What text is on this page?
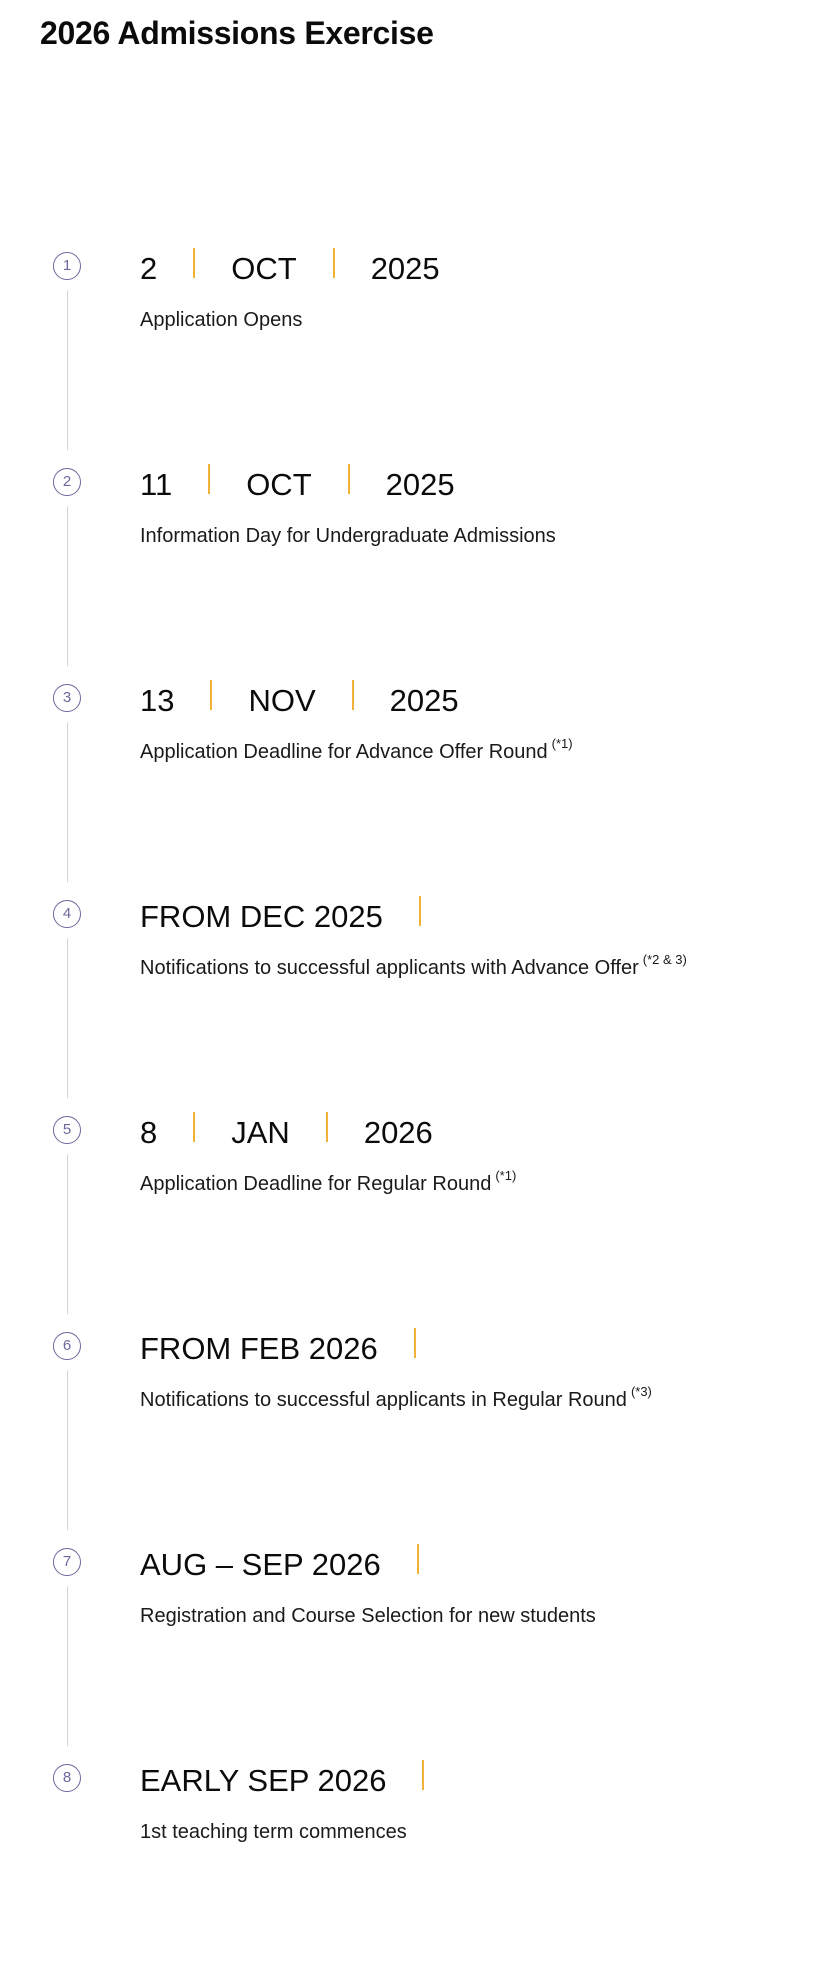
2026 Admissions Exercise
1	2 OCT 2025

Application Opens

2	11 OCT 2025

Information Day for Undergraduate Admissions

3	13 NOV 2025

Application Deadline for Advance Offer Round $^{(*1)}$

4	FROM DEC 2025

Notifications to successful applicants with Advance Offer $^{(*2 \& 3)}$

5	8 JAN 2026

Application Deadline for Regular Round $^{(*1)}$

6	FROM FEB 2026

Notifications to successful applicants in Regular Round $^{(*3)}$

7	AUG – SEP 2026

Registration and Course Selection for new students

8	EARLY SEP 2026

1st teaching term commences
